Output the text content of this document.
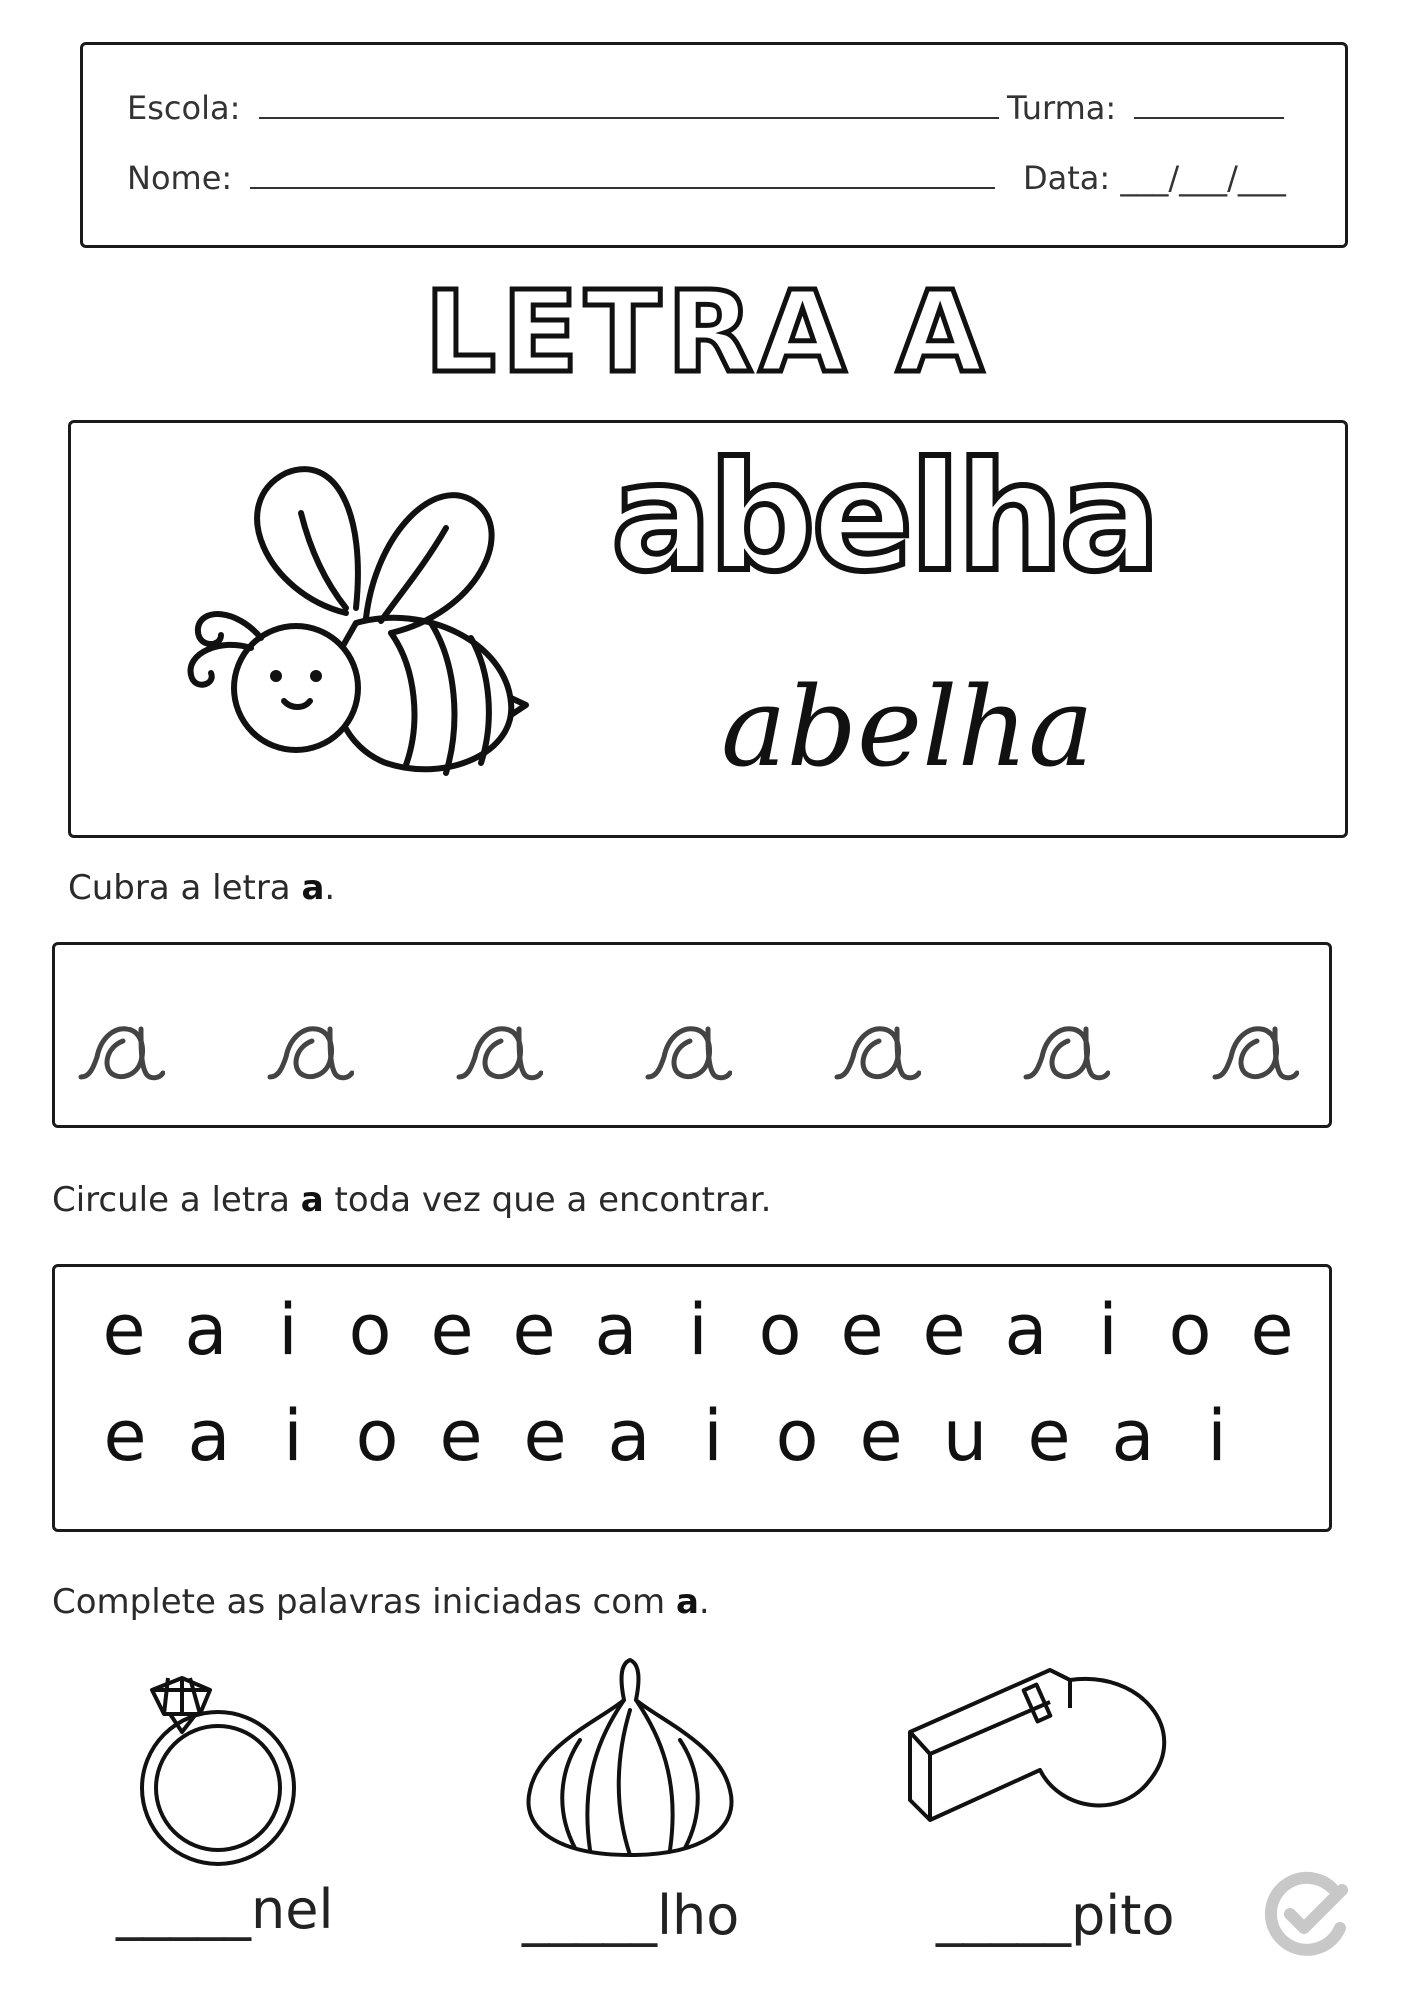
Escola:	Turma:
Nome:	Data: ___/___/___
LETRA A
abelha
abelha
Cubra a letra a.
Circule a letra a toda vez que a encontrar.
e a i o e e a i o e e a i o e
e a i o e e a i o e u e a i
Complete as palavras iniciadas com a.
_____nel	_____lho	_____pito
